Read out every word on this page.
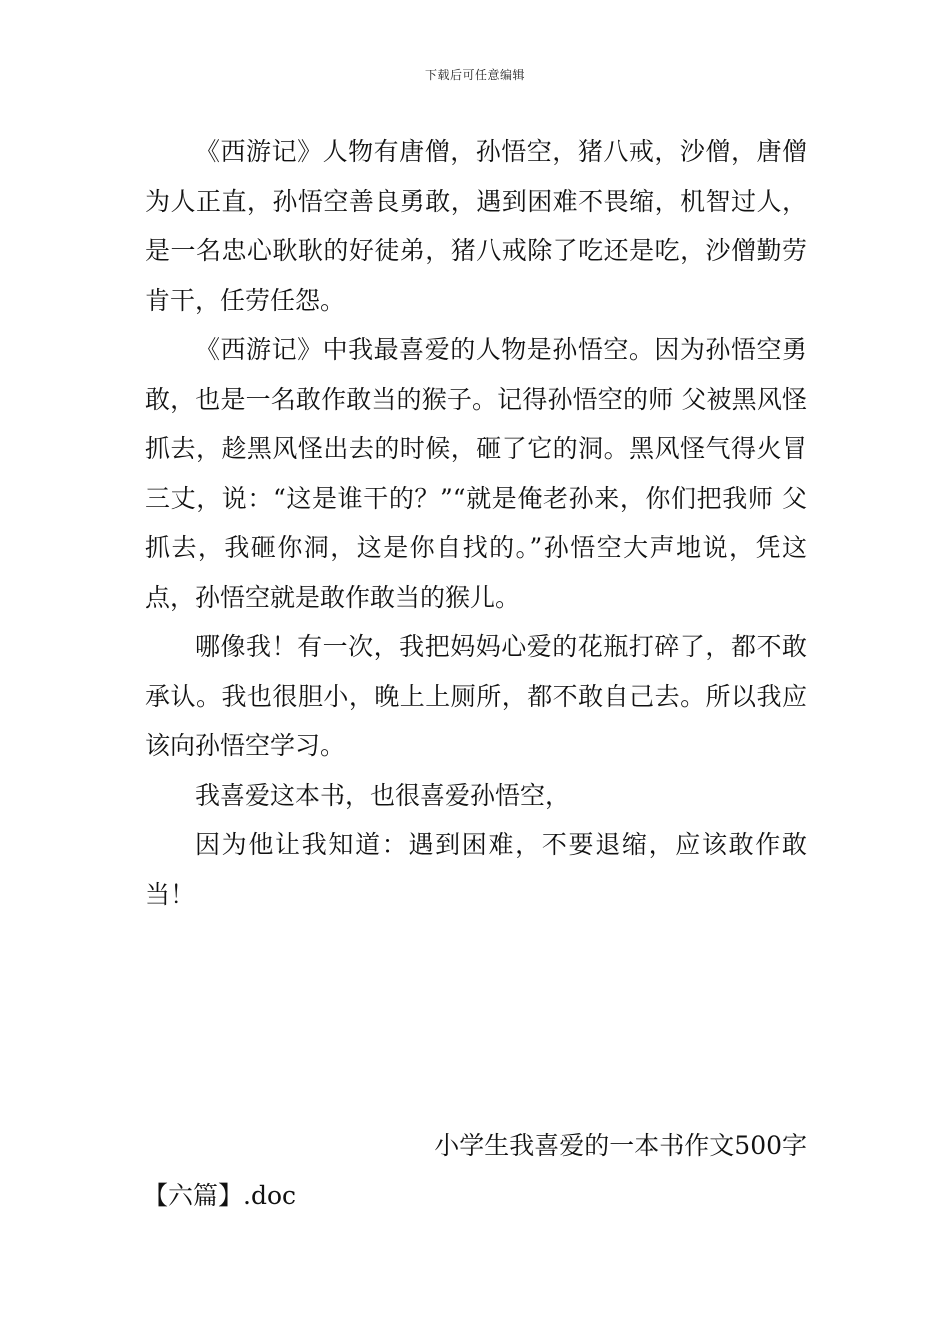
下载后可任意编辑

《西游记》人物有唐僧，孙悟空，猪八戒，沙僧，唐僧为人正直，孙悟空善良勇敢，遇到困难不畏缩，机智过人，是一名忠心耿耿的好徒弟，猪八戒除了吃还是吃，沙僧勤劳肯干，任劳任怨。

《西游记》中我最喜爱的人物是孙悟空。因为孙悟空勇敢，也是一名敢作敢当的猴子。记得孙悟空的师 父被黑风怪抓去，趁黑风怪出去的时候，砸了它的洞。黑风怪气得火冒三丈，说：“这是谁干的？”“就是俺老孙来，你们把我师 父抓去，我砸你洞，这是你自找的。”孙悟空大声地说，凭这点，孙悟空就是敢作敢当的猴儿。

哪像我！有一次，我把妈妈心爱的花瓶打碎了，都不敢承认。我也很胆小，晚上上厕所，都不敢自己去。所以我应该向孙悟空学习。

我喜爱这本书，也很喜爱孙悟空，

因为他让我知道：遇到困难，不要退缩，应该敢作敢当！

小学生我喜爱的一本书作文500字
【六篇】.doc
